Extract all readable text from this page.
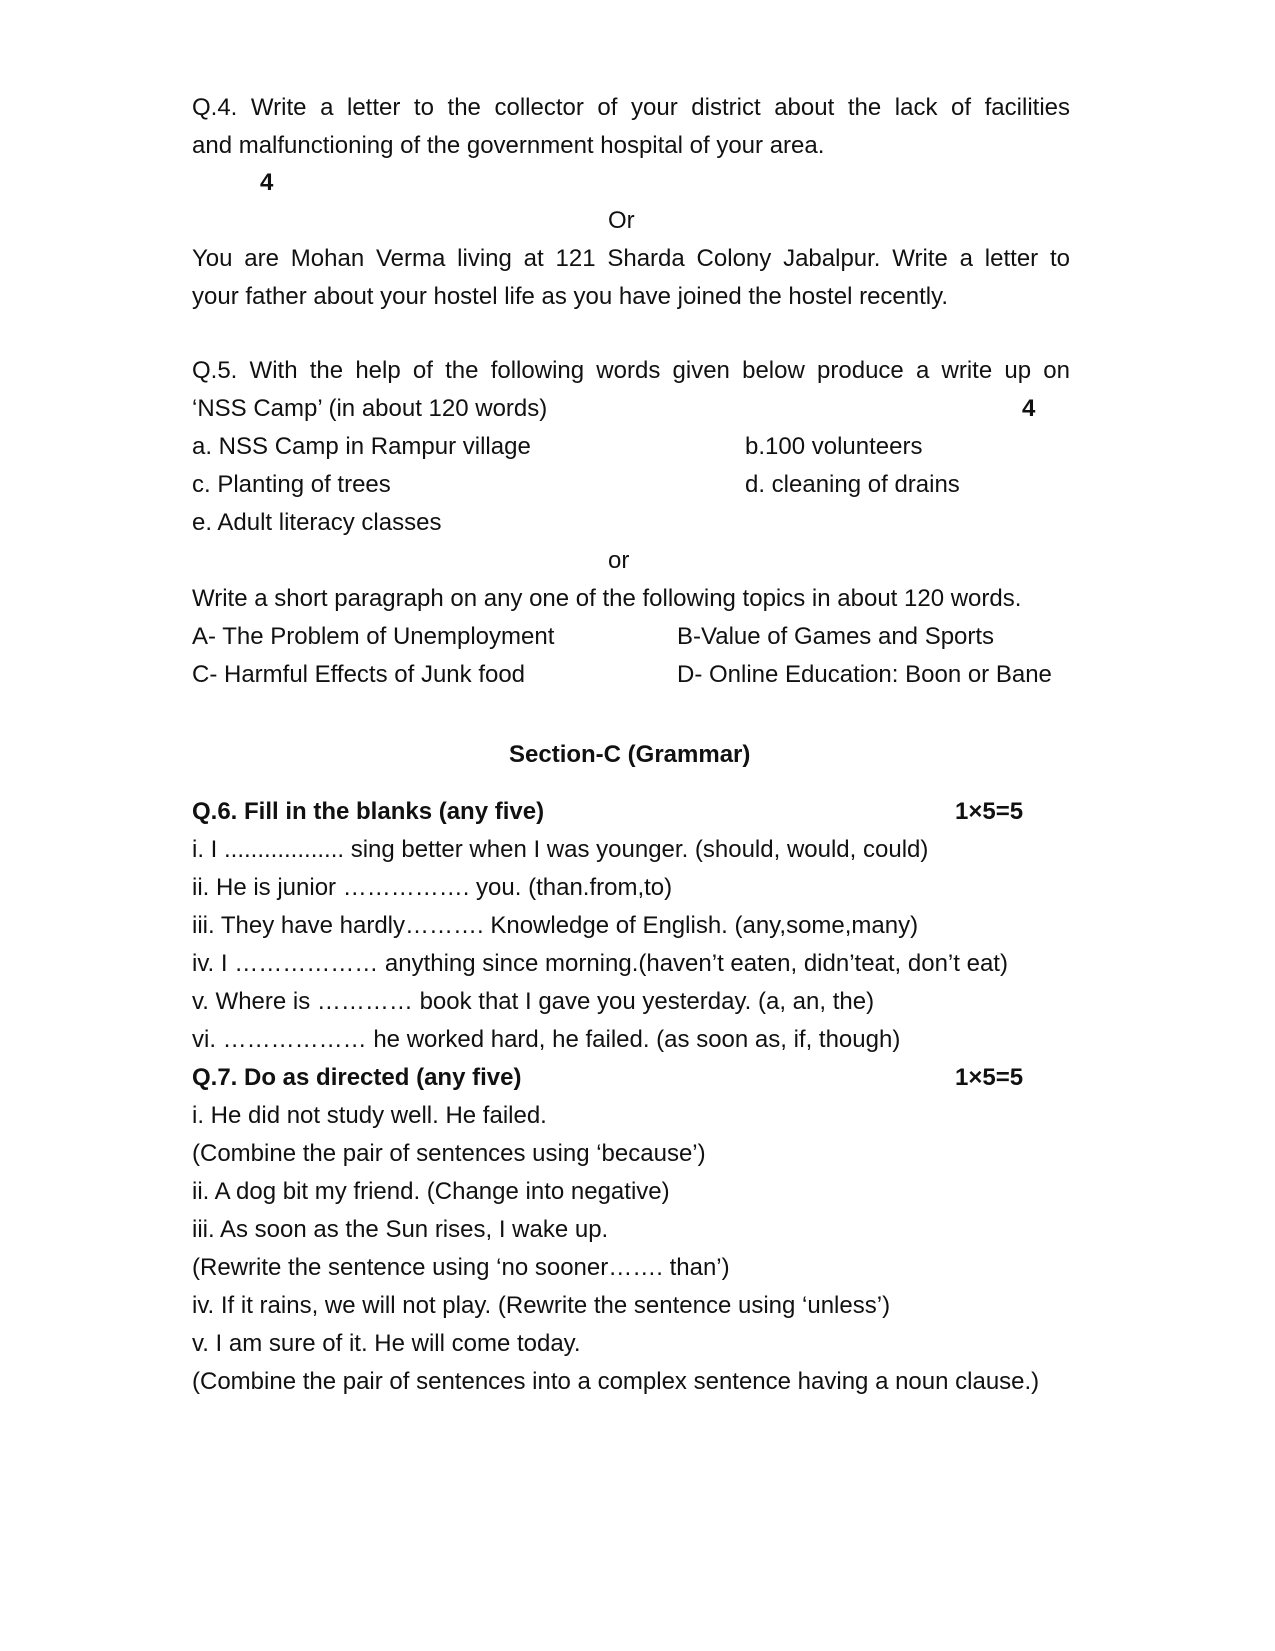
Q.4. Write a letter to the collector of your district about the lack of facilities
and malfunctioning of the government hospital of your area.
4
Or
You are Mohan Verma living at 121 Sharda Colony Jabalpur. Write a letter to
your father about your hostel life as you have joined the hostel recently.
Q.5. With the help of the following words given below produce a write up on
‘NSS Camp’ (in about 120 words)	4
a. NSS Camp in Rampur village	b.100 volunteers
c. Planting of trees	d. cleaning of drains
e. Adult literacy classes
or
Write a short paragraph on any one of the following topics in about 120 words.
A- The Problem of Unemployment	B-Value of Games and Sports
C- Harmful Effects of Junk food	D- Online Education: Boon or Bane
Section-C (Grammar)
Q.6. Fill in the blanks (any five)	1×5=5
i. I .................. sing better when I was younger. (should, would, could)
ii. He is junior ……………. you. (than.from,to)
iii. They have hardly………. Knowledge of English. (any,some,many)
iv. I ……………… anything since morning.(haven’t eaten, didn’teat, don’t eat)
v. Where is ………… book that I gave you yesterday. (a, an, the)
vi. ……………… he worked hard, he failed. (as soon as, if, though)
Q.7. Do as directed (any five)	1×5=5
i. He did not study well. He failed.
(Combine the pair of sentences using ‘because’)
ii. A dog bit my friend. (Change into negative)
iii. As soon as the Sun rises, I wake up.
(Rewrite the sentence using ‘no sooner……. than’)
iv. If it rains, we will not play. (Rewrite the sentence using ‘unless’)
v. I am sure of it. He will come today.
(Combine the pair of sentences into a complex sentence having a noun clause.)
